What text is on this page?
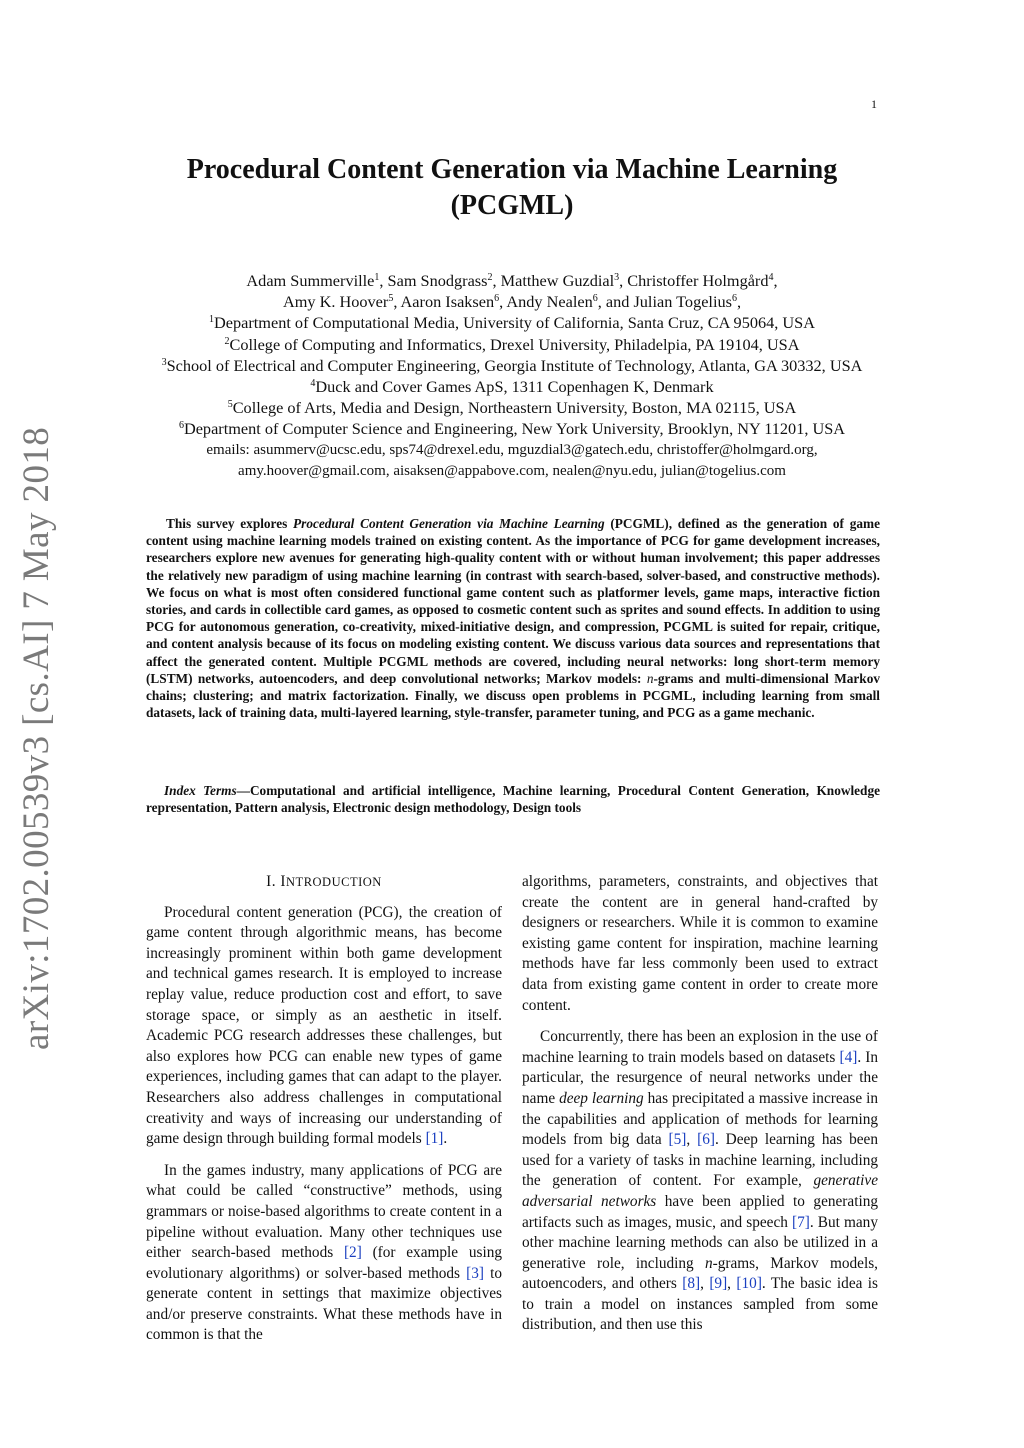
1
arXiv:1702.00539v3 [cs.AI] 7 May 2018
Procedural Content Generation via Machine Learning
(PCGML)
Adam Summerville$^1$, Sam Snodgrass$^2$, Matthew Guzdial$^3$, Christoffer Holmgård$^4$,
Amy K. Hoover$^5$, Aaron Isaksen$^6$, Andy Nealen$^6$, and Julian Togelius$^6$,
$^1$Department of Computational Media, University of California, Santa Cruz, CA 95064, USA
$^2$College of Computing and Informatics, Drexel University, Philadelpia, PA 19104, USA
$^3$School of Electrical and Computer Engineering, Georgia Institute of Technology, Atlanta, GA 30332, USA
$^4$Duck and Cover Games ApS, 1311 Copenhagen K, Denmark
$^5$College of Arts, Media and Design, Northeastern University, Boston, MA 02115, USA
$^6$Department of Computer Science and Engineering, New York University, Brooklyn, NY 11201, USA
emails: asummerv@ucsc.edu, sps74@drexel.edu, mguzdial3@gatech.edu, christoffer@holmgard.org,
amy.hoover@gmail.com, aisaksen@appabove.com, nealen@nyu.edu, julian@togelius.com

This survey explores Procedural Content Generation via Machine Learning (PCGML), defined as the generation of game content using machine learning models trained on existing content. As the importance of PCG for game development increases, researchers explore new avenues for generating high-quality content with or without human involvement; this paper addresses the relatively new paradigm of using machine learning (in contrast with search-based, solver-based, and constructive methods). We focus on what is most often considered functional game content such as platformer levels, game maps, interactive fiction stories, and cards in collectible card games, as opposed to cosmetic content such as sprites and sound effects. In addition to using PCG for autonomous generation, co-creativity, mixed-initiative design, and compression, PCGML is suited for repair, critique, and content analysis because of its focus on modeling existing content. We discuss various data sources and representations that affect the generated content. Multiple PCGML methods are covered, including neural networks: long short-term memory (LSTM) networks, autoencoders, and deep convolutional networks; Markov models: n-grams and multi-dimensional Markov chains; clustering; and matrix factorization. Finally, we discuss open problems in PCGML, including learning from small datasets, lack of training data, multi-layered learning, style-transfer, parameter tuning, and PCG as a game mechanic.

Index Terms—Computational and artificial intelligence, Machine learning, Procedural Content Generation, Knowledge representation, Pattern analysis, Electronic design methodology, Design tools
I. INTRODUCTION

Procedural content generation (PCG), the creation of game content through algorithmic means, has become increasingly prominent within both game development and technical games research. It is employed to increase replay value, reduce production cost and effort, to save storage space, or simply as an aesthetic in itself. Academic PCG research addresses these challenges, but also explores how PCG can enable new types of game experiences, including games that can adapt to the player. Researchers also address challenges in computational creativity and ways of increasing our understanding of game design through building formal models [1].

In the games industry, many applications of PCG are what could be called “constructive” methods, using grammars or noise-based algorithms to create content in a pipeline without evaluation. Many other techniques use either search-based methods [2] (for example using evolutionary algorithms) or solver-based methods [3] to generate content in settings that maximize objectives and/or preserve constraints. What these methods have in common is that the

algorithms, parameters, constraints, and objectives that create the content are in general hand-crafted by designers or researchers. While it is common to examine existing game content for inspiration, machine learning methods have far less commonly been used to extract data from existing game content in order to create more content.

Concurrently, there has been an explosion in the use of machine learning to train models based on datasets [4]. In particular, the resurgence of neural networks under the name deep learning has precipitated a massive increase in the capabilities and application of methods for learning models from big data [5], [6]. Deep learning has been used for a variety of tasks in machine learning, including the generation of content. For example, generative adversarial networks have been applied to generating artifacts such as images, music, and speech [7]. But many other machine learning methods can also be utilized in a generative role, including n-grams, Markov models, autoencoders, and others [8], [9], [10]. The basic idea is to train a model on instances sampled from some distribution, and then use this
